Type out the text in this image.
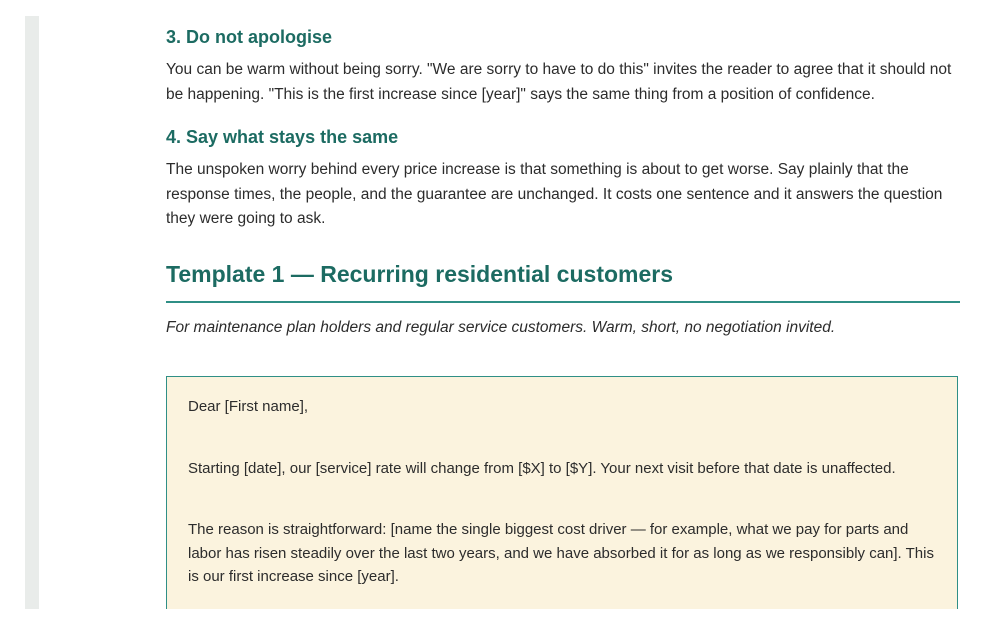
3. Do not apologise

You can be warm without being sorry. "We are sorry to have to do this" invites the reader to agree that it should not be happening. "This is the first increase since [year]" says the same thing from a position of confidence.

4. Say what stays the same

The unspoken worry behind every price increase is that something is about to get worse. Say plainly that the response times, the people, and the guarantee are unchanged. It costs one sentence and it answers the question they were going to ask.

Template 1 — Recurring residential customers

For maintenance plan holders and regular service customers. Warm, short, no negotiation invited.

Dear [First name],

Starting [date], our [service] rate will change from [$X] to [$Y]. Your next visit before that date is unaffected.

The reason is straightforward: [name the single biggest cost driver — for example, what we pay for parts and labor has risen steadily over the last two years, and we have absorbed it for as long as we responsibly can]. This is our first increase since [year].
